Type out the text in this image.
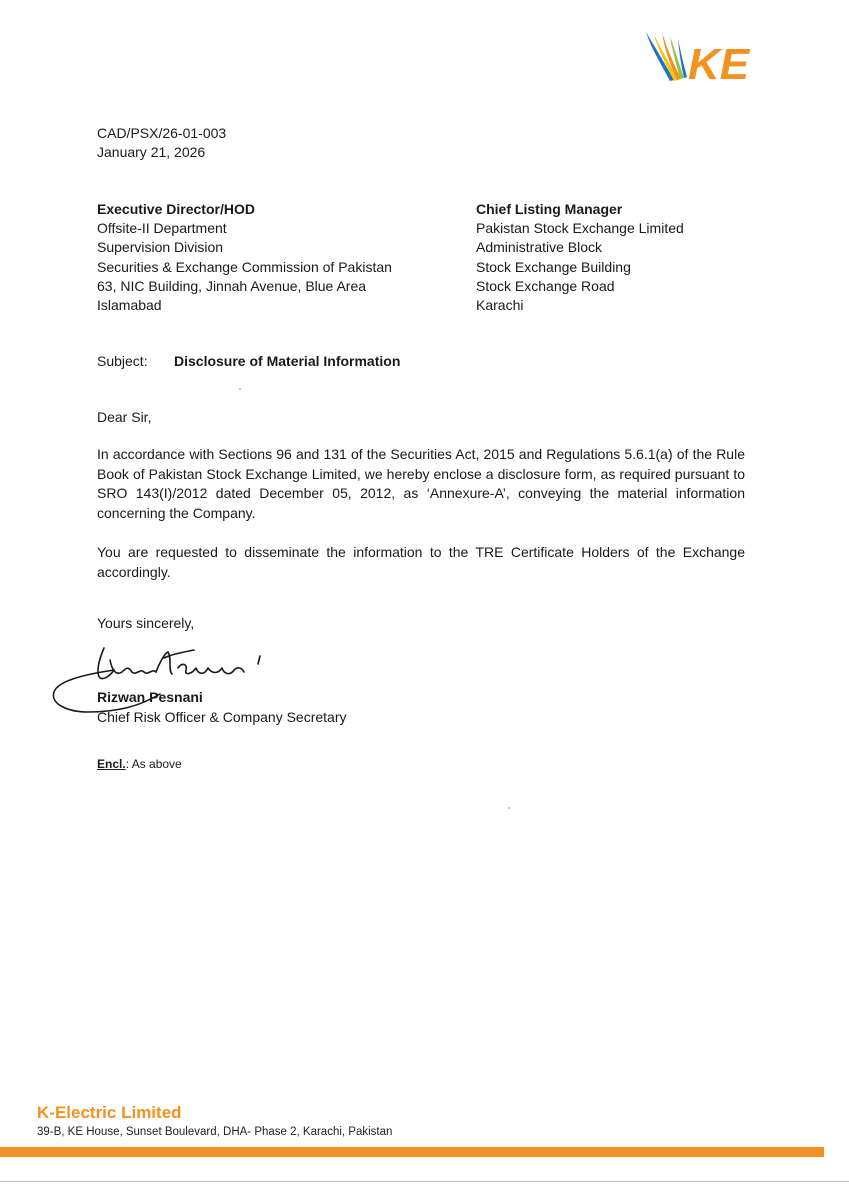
KE
CAD/PSX/26-01-003
January 21, 2026
Executive Director/HOD
Offsite-II Department
Supervision Division
Securities & Exchange Commission of Pakistan
63, NIC Building, Jinnah Avenue, Blue Area
Islamabad
Chief Listing Manager
Pakistan Stock Exchange Limited
Administrative Block
Stock Exchange Building
Stock Exchange Road
Karachi
Subject: Disclosure of Material Information
Dear Sir,
In accordance with Sections 96 and 131 of the Securities Act, 2015 and Regulations 5.6.1(a) of the Rule Book of Pakistan Stock Exchange Limited, we hereby enclose a disclosure form, as required pursuant to SRO 143(I)/2012 dated December 05, 2012, as ‘Annexure-A’, conveying the material information concerning the Company.
You are requested to disseminate the information to the TRE Certificate Holders of the Exchange accordingly.
Yours sincerely,
Rizwan Pesnani
Chief Risk Officer & Company Secretary
Encl.: As above
K-Electric Limited
39-B, KE House, Sunset Boulevard, DHA- Phase 2, Karachi, Pakistan
